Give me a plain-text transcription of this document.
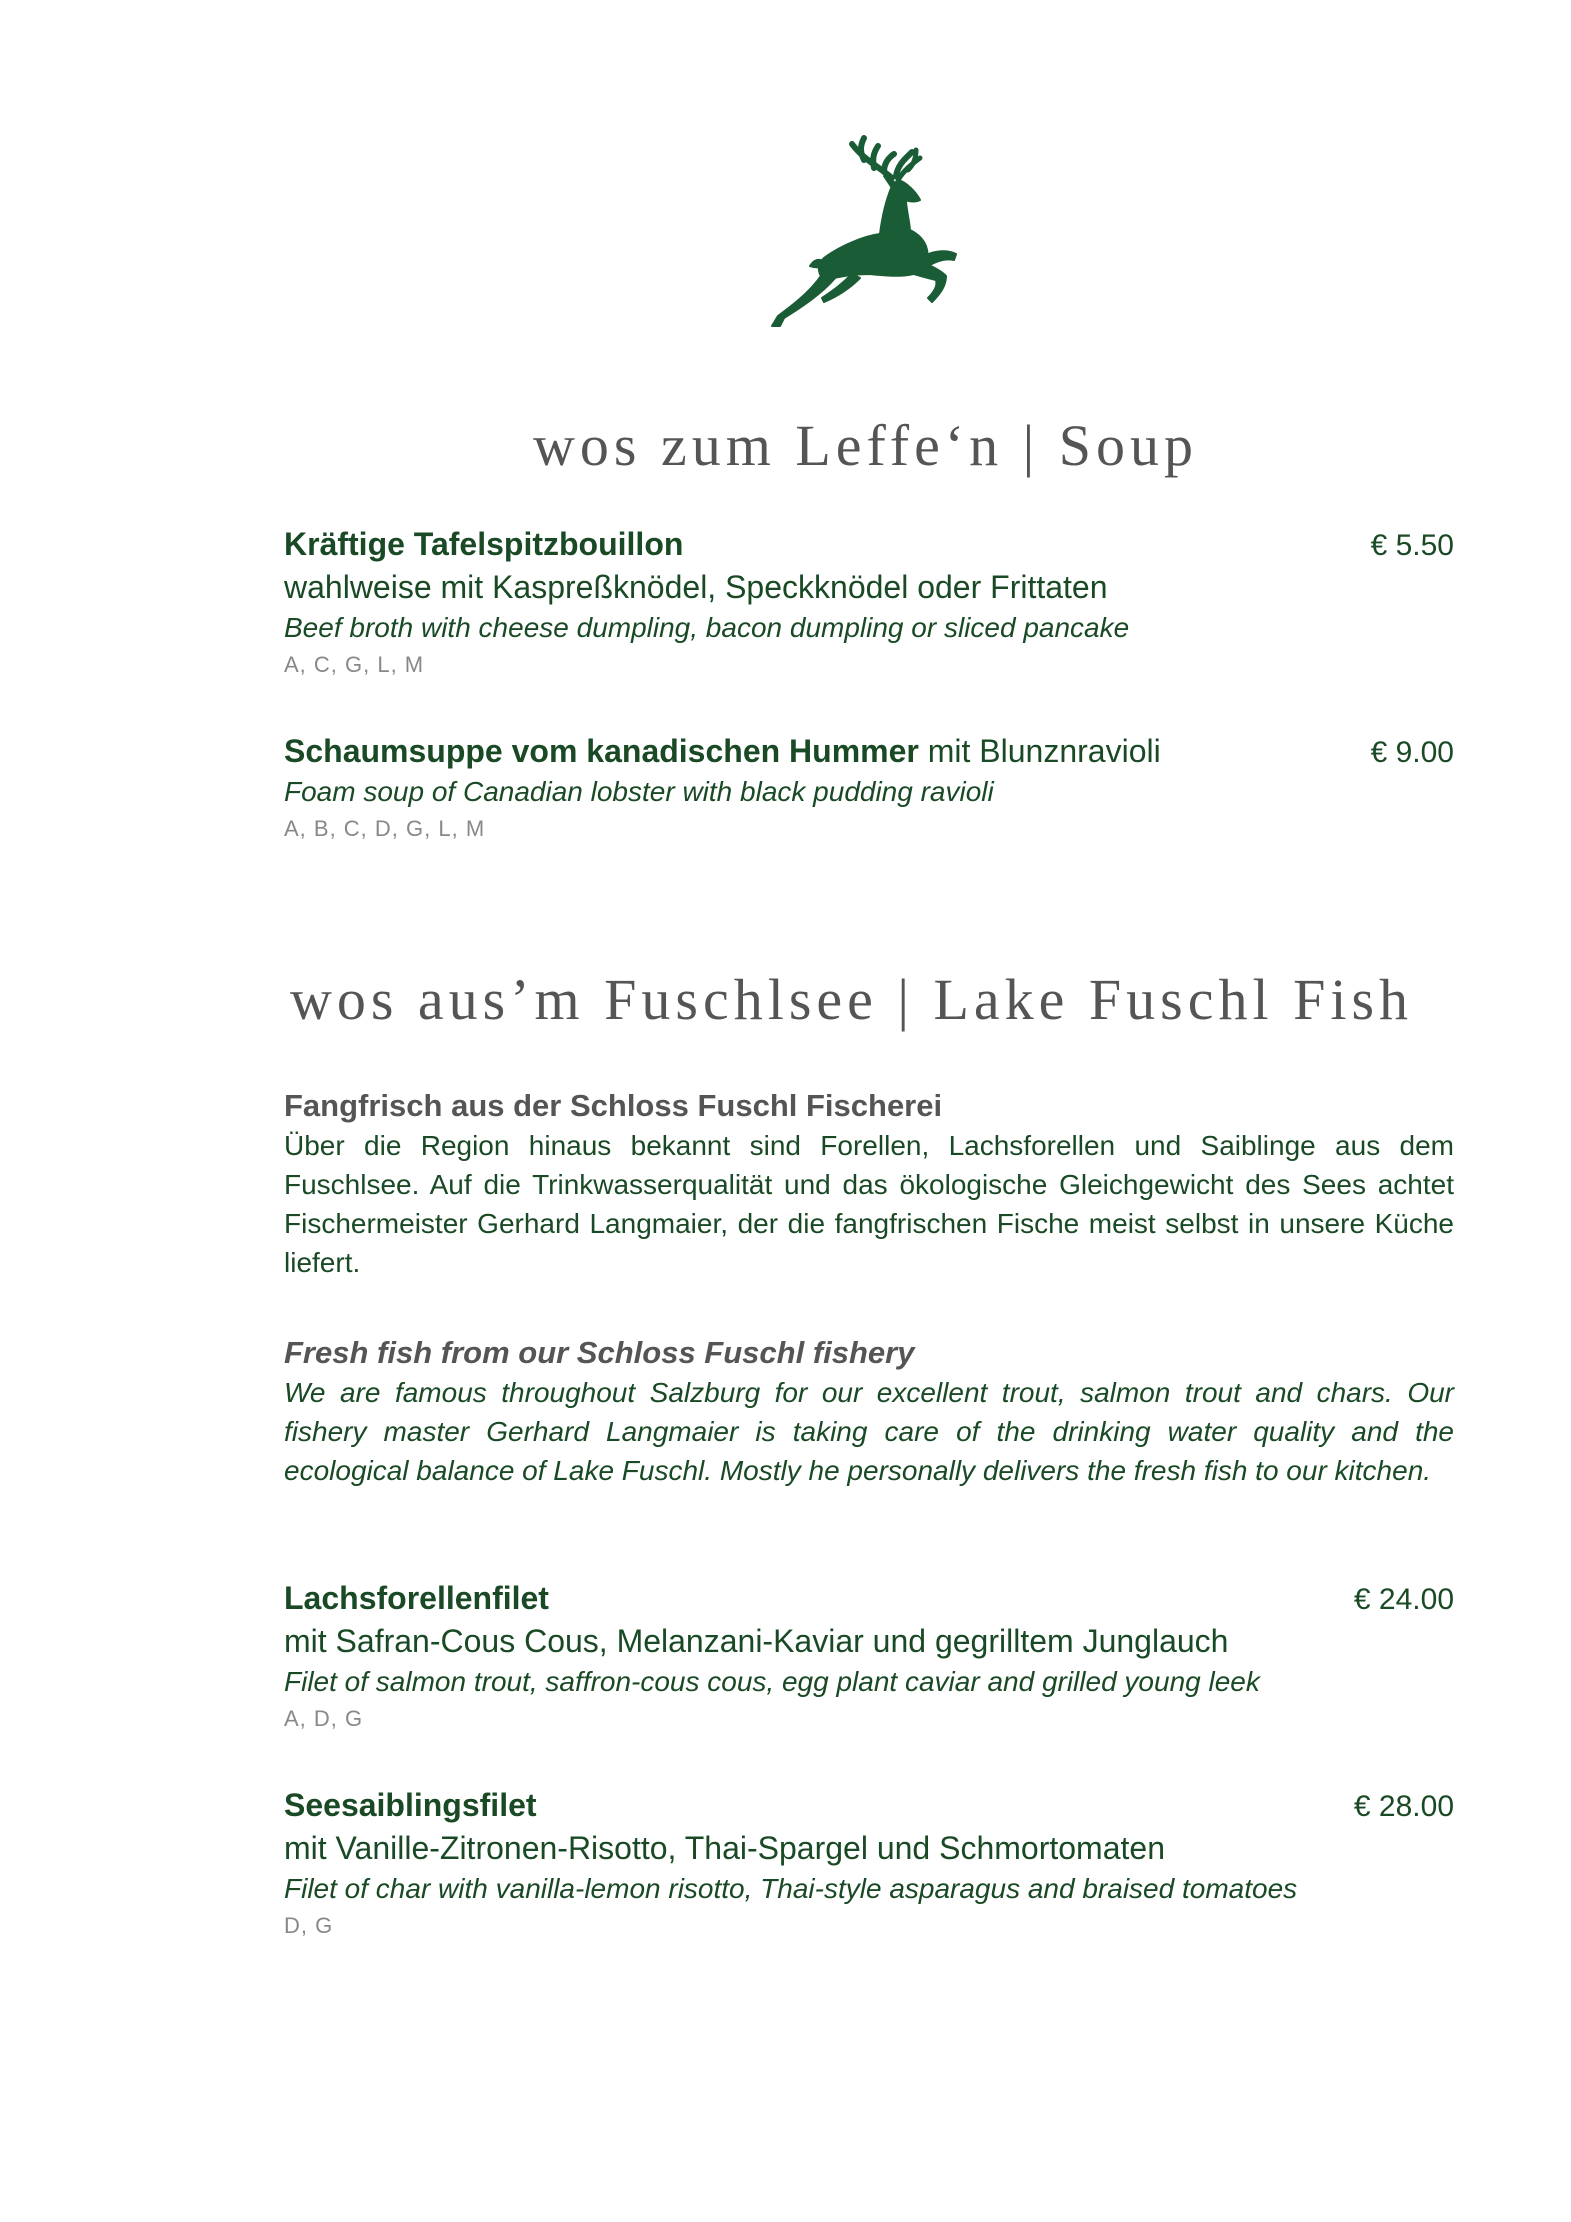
wos zum Leffe‘n | Soup
Kräftige Tafelspitzbouillon	€ 5.50
wahlweise mit Kaspreßknödel, Speckknödel oder Frittaten
Beef broth with cheese dumpling, bacon dumpling or sliced pancake
A, C, G, L, M
Schaumsuppe vom kanadischen Hummer mit Blunznravioli	€ 9.00
Foam soup of Canadian lobster with black pudding ravioli
A, B, C, D, G, L, M
wos aus’m Fuschlsee | Lake Fuschl Fish
Fangfrisch aus der Schloss Fuschl Fischerei
Über die Region hinaus bekannt sind Forellen, Lachsforellen und Saiblinge aus dem Fuschlsee. Auf die Trinkwasserqualität und das ökologische Gleichgewicht des Sees achtet Fischermeister Gerhard Langmaier, der die fangfrischen Fische meist selbst in unsere Küche liefert.
Fresh fish from our Schloss Fuschl fishery
We are famous throughout Salzburg for our excellent trout, salmon trout and chars. Our fishery master Gerhard Langmaier is taking care of the drinking water quality and the ecological balance of Lake Fuschl. Mostly he personally delivers the fresh fish to our kitchen.
Lachsforellenfilet	€ 24.00
mit Safran-Cous Cous, Melanzani-Kaviar und gegrilltem Junglauch
Filet of salmon trout, saffron-cous cous, egg plant caviar and grilled young leek
A, D, G
Seesaiblingsfilet	€ 28.00
mit Vanille-Zitronen-Risotto, Thai-Spargel und Schmortomaten
Filet of char with vanilla-lemon risotto, Thai-style asparagus and braised tomatoes
D, G
